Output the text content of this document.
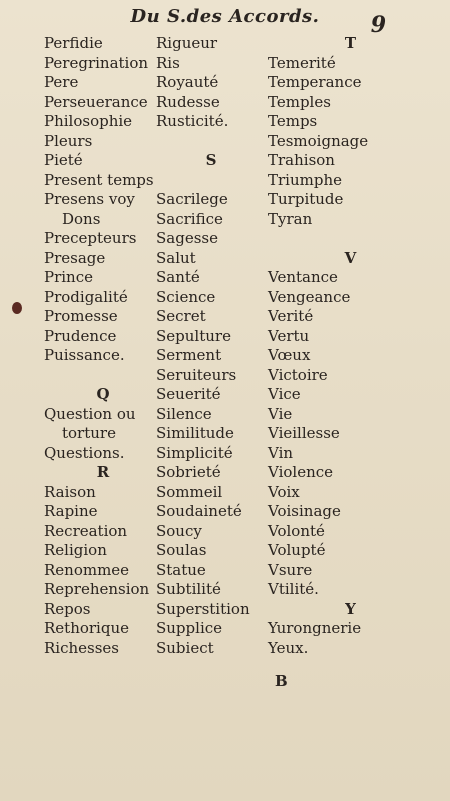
Du S.des Accords.	9
Perfidie
Peregrination
Pere
Perseuerance
Philosophie
Pleurs
Pieté
Present temps
Presens voy
Dons
Precepteurs
Presage
Prince
Prodigalité
Promesse
Prudence
Puissance.
Q
Question ou
torture
Questions.
R
Raison
Rapine
Recreation
Religion
Renommee
Reprehension
Repos
Rethorique
Richesses
Rigueur
Ris
Royauté
Rudesse
Rusticité.
S
Sacrilege
Sacrifice
Sagesse
Salut
Santé
Science
Secret
Sepulture
Serment
Seruiteurs
Seuerité
Silence
Similitude
Simplicité
Sobrieté
Sommeil
Soudaineté
Soucy
Soulas
Statue
Subtilité
Superstition
Supplice
Subiect
T
Temerité
Temperance
Temples
Temps
Tesmoignage
Trahison
Triumphe
Turpitude
Tyran
V
Ventance
Vengeance
Verité
Vertu
Vœux
Victoire
Vice
Vie
Vieillesse
Vin
Violence
Voix
Voisinage
Volonté
Volupté
Vsure
Vtilité.
Y
Yurongnerie
Yeux.
B
